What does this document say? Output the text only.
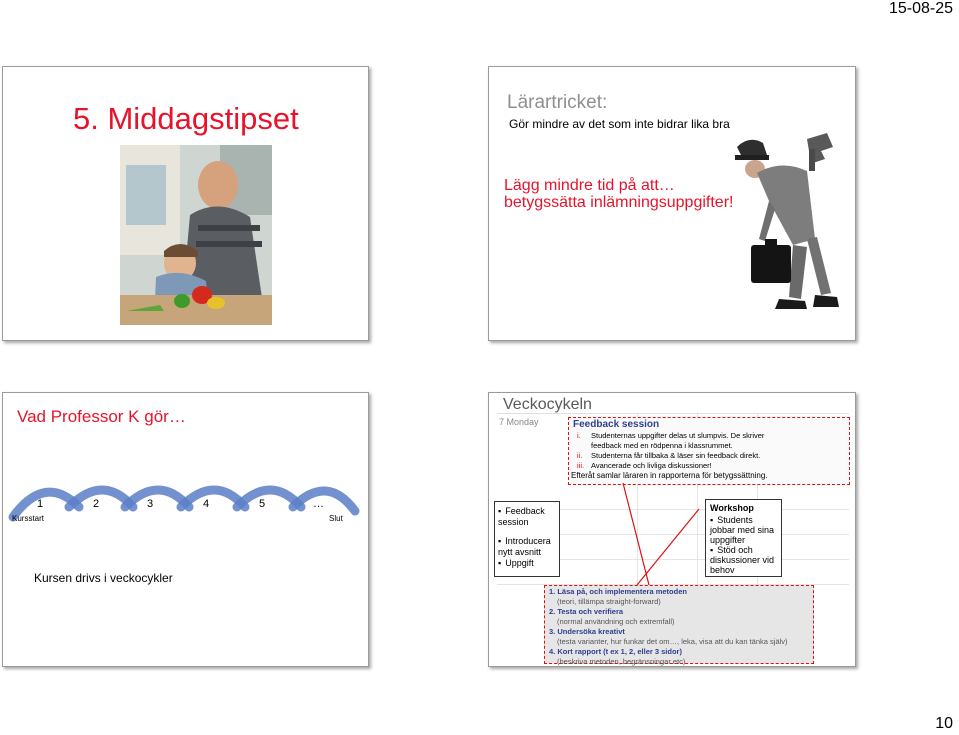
15-08-25
10
5. Middagstipset	Lärartricket:
Gör mindre av det som inte bidrar lika bra
Lägg mindre tid på att…
betygssätta inlämningsuppgifter!
Vad Professor K gör…
1	2	3	4	5	…
Kursstart	Slut
Kursen drivs i veckocykler
Veckocykeln
7 Monday	Feedback session
i. Studenternas uppgifter delas ut slumpvis. De skriver
feedback med en rödpenna i klassrummet.
ii. Studenterna får tillbaka & läser sin feedback direkt.
iii. Avancerade och livliga diskussioner!
Efteråt samlar läraren in rapporterna för betygssättning.
▪ Feedback session
▪ Introducera nytt avsnitt
▪ Uppgift
Workshop
▪ Students jobbar med sina uppgifter
▪ Stöd och diskussioner vid behov
1. Läsa på, och implementera metoden
(teori, tillämpa straight-forward)
2. Testa och verifiera
(normal användning och extremfall)
3. Undersöka kreativt
(testa varianter, hur funkar det om…, leka, visa att du kan tänka själv)
4. Kort rapport (t ex 1, 2, eller 3 sidor)
(beskriva metoden, begränsningar etc)
